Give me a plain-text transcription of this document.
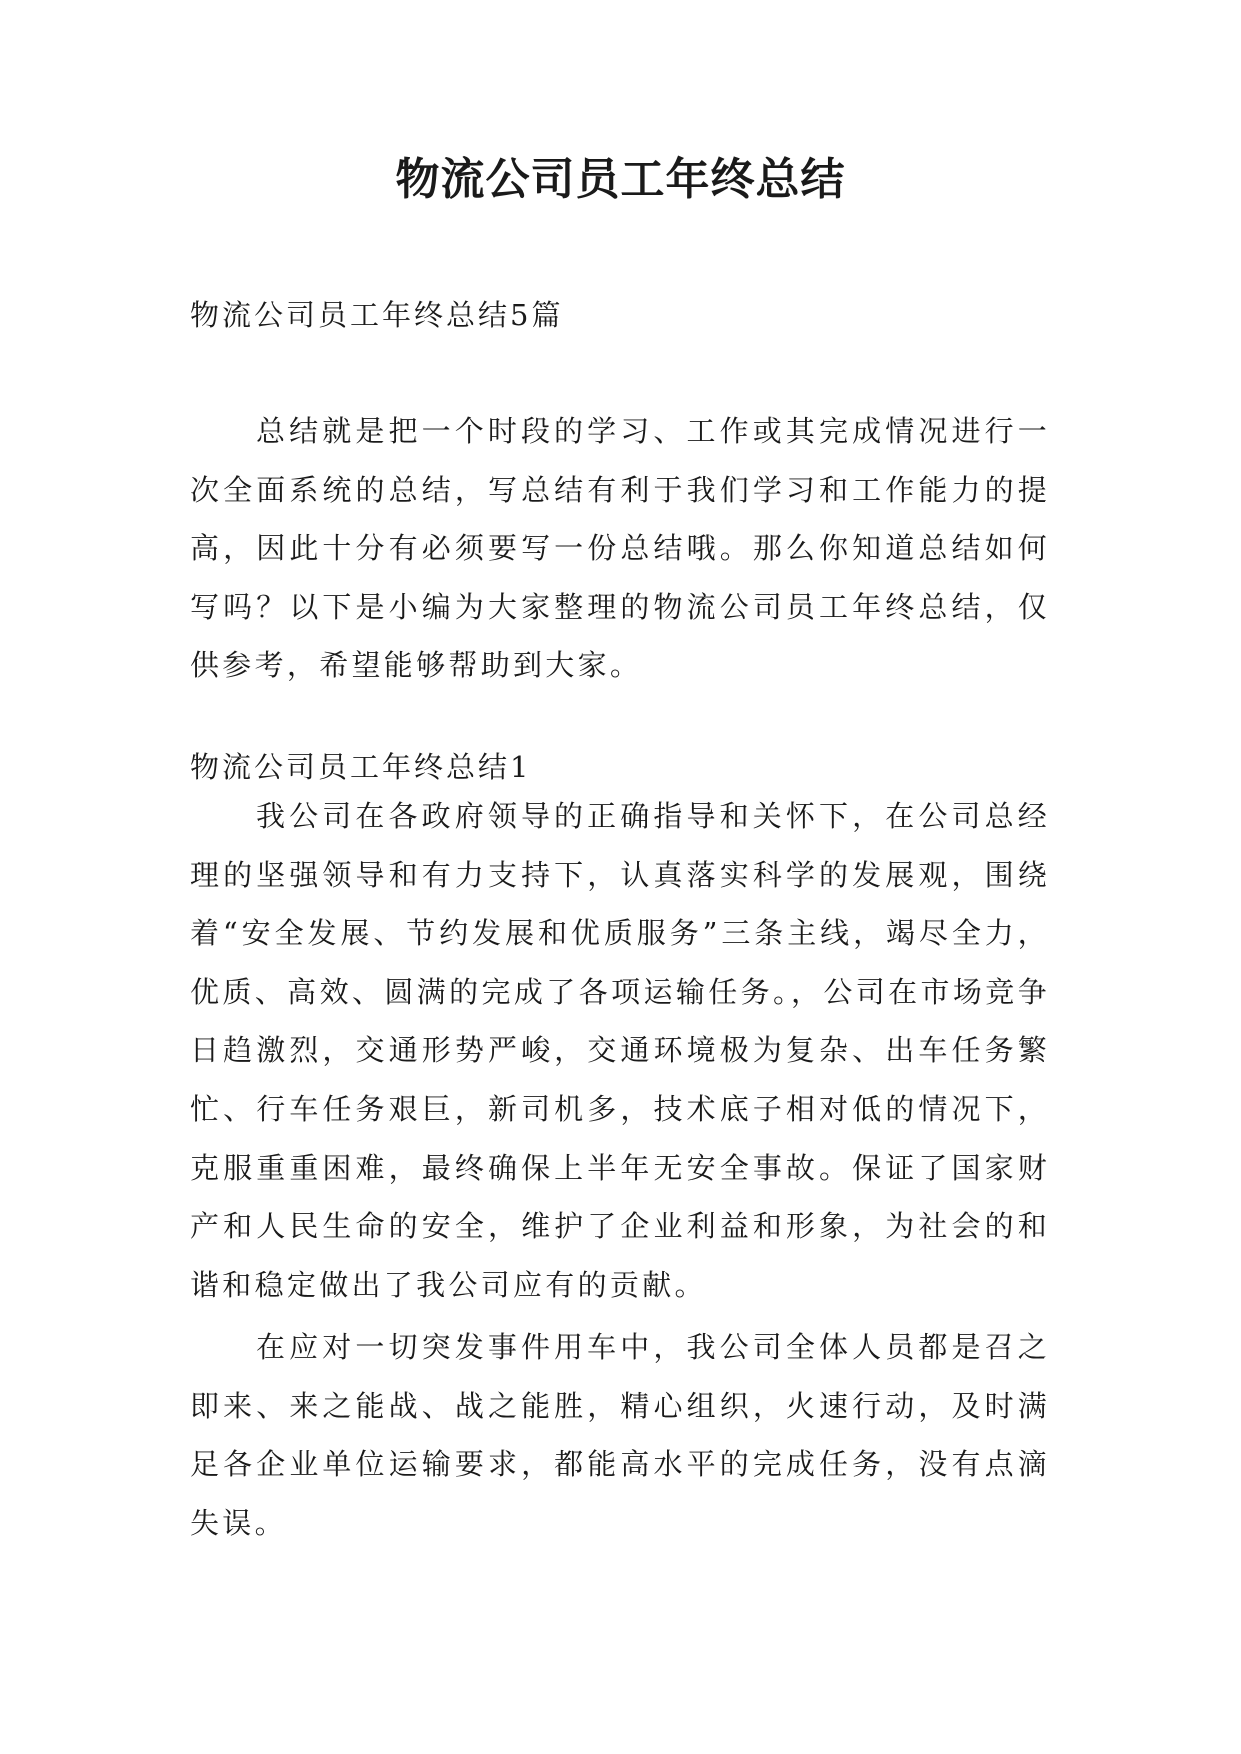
物流公司员工年终总结

物流公司员工年终总结5篇

总结就是把一个时段的学习、工作或其完成情况进行一次全面系统的总结，写总结有利于我们学习和工作能力的提高，因此十分有必须要写一份总结哦。那么你知道总结如何写吗？以下是小编为大家整理的物流公司员工年终总结，仅供参考，希望能够帮助到大家。

物流公司员工年终总结1

我公司在各政府领导的正确指导和关怀下，在公司总经理的坚强领导和有力支持下，认真落实科学的发展观，围绕着“安全发展、节约发展和优质服务”三条主线，竭尽全力，优质、高效、圆满的完成了各项运输任务。，公司在市场竞争日趋激烈，交通形势严峻，交通环境极为复杂、出车任务繁忙、行车任务艰巨，新司机多，技术底子相对低的情况下，克服重重困难，最终确保上半年无安全事故。保证了国家财产和人民生命的安全，维护了企业利益和形象，为社会的和谐和稳定做出了我公司应有的贡献。

在应对一切突发事件用车中，我公司全体人员都是召之即来、来之能战、战之能胜，精心组织，火速行动，及时满足各企业单位运输要求，都能高水平的完成任务，没有点滴失误。
